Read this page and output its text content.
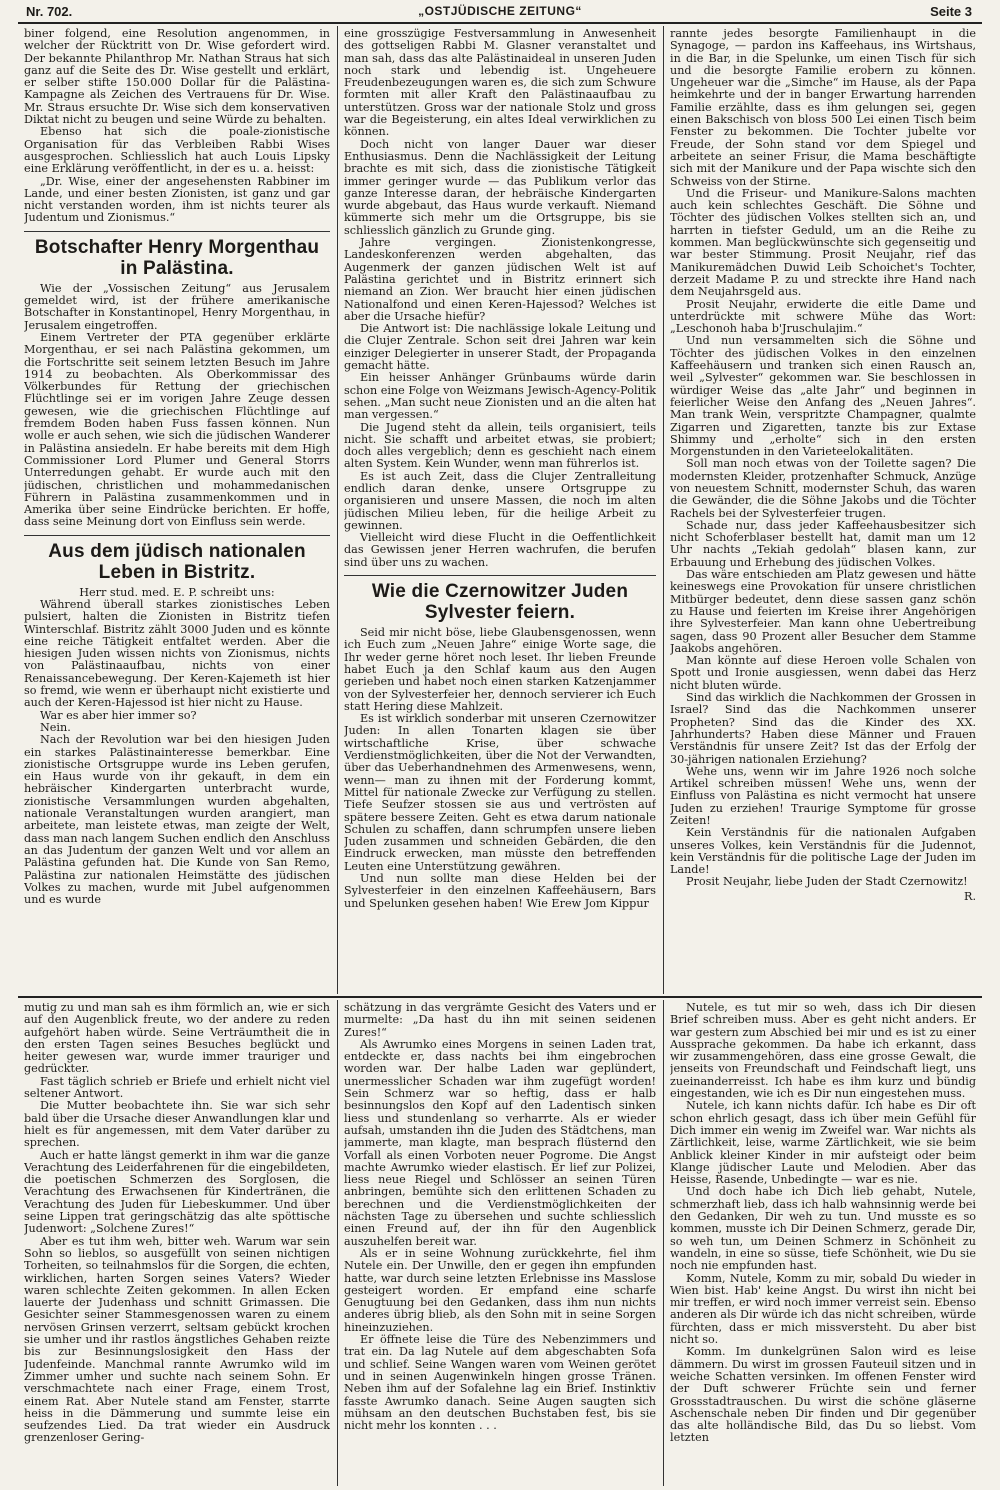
Nr. 702.	„OSTJÜDISCHE ZEITUNG“	Seite 3

biner folgend, eine Resolution angenommen, in welcher der Rücktritt von Dr. Wise gefordert wird. Der bekannte Philanthrop Mr. Nathan Straus hat sich ganz auf die Seite des Dr. Wise gestellt und erklärt, er selber stifte 150.000 Dollar für die Palästina-Kampagne als Zeichen des Vertrauens für Dr. Wise. Mr. Straus ersuchte Dr. Wise sich dem konservativen Diktat nicht zu beugen und seine Würde zu behalten.

Ebenso hat sich die poale-zionistische Organisation für das Verbleiben Rabbi Wises ausgesprochen. Schliesslich hat auch Louis Lipsky eine Erklärung veröffentlicht, in der es u. a. heisst:

„Dr. Wise, einer der angesehensten Rabbiner im Lande, und einer besten Zionisten, ist ganz und gar nicht verstanden worden, ihm ist nichts teurer als Judentum und Zionismus.“

Botschafter Henry Morgenthau
in Palästina.

Wie der „Vossischen Zeitung“ aus Jerusalem gemeldet wird, ist der frühere amerikanische Botschafter in Konstantinopel, Henry Morgenthau, in Jerusalem eingetroffen.

Einem Vertreter der PTA gegenüber erklärte Morgenthau, er sei nach Palästina gekommen, um die Fortschritte seit seinem letzten Besuch im Jahre 1914 zu beobachten. Als Oberkommissar des Völkerbundes für Rettung der griechischen Flüchtlinge sei er im vorigen Jahre Zeuge dessen gewesen, wie die griechischen Flüchtlinge auf fremdem Boden haben Fuss fassen können. Nun wolle er auch sehen, wie sich die jüdischen Wanderer in Palästina ansiedeln. Er habe bereits mit dem High Commissioner Lord Plumer und General Storrs Unterredungen gehabt. Er wurde auch mit den jüdischen, christlichen und mohammedanischen Führern in Palästina zusammenkommen und in Amerika über seine Eindrücke berichten. Er hoffe, dass seine Meinung dort von Einfluss sein werde.

Aus dem jüdisch nationalen
Leben in Bistritz.

Herr stud. med. E. P. schreibt uns:

Während überall starkes zionistisches Leben pulsiert, halten die Zionisten in Bistritz tiefen Winterschlaf. Bistritz zählt 3000 Juden und es könnte eine reiche Tätigkeit entfaltet werden. Aber die hiesigen Juden wissen nichts von Zionismus, nichts von Palästinaaufbau, nichts von einer Renaissancebewegung. Der Keren-Kajemeth ist hier so fremd, wie wenn er überhaupt nicht existierte und auch der Keren-Hajessod ist hier nicht zu Hause.

War es aber hier immer so?

Nein.

Nach der Revolution war bei den hiesigen Juden ein starkes Palästinainteresse bemerkbar. Eine zionistische Ortsgruppe wurde ins Leben gerufen, ein Haus wurde von ihr gekauft, in dem ein hebräischer Kindergarten unterbracht wurde, zionistische Versammlungen wurden abgehalten, nationale Veranstaltungen wurden arangiert, man arbeitete, man leistete etwas, man zeigte der Welt, dass man nach langem Suchen endlich den Anschluss an das Judentum der ganzen Welt und vor allem an Palästina gefunden hat. Die Kunde von San Remo, Palästina zur nationalen Heimstätte des jüdischen Volkes zu machen, wurde mit Jubel aufgenommen und es wurde

eine grosszügige Festversammlung in Anwesenheit des gottseligen Rabbi M. Glasner veranstaltet und man sah, dass das alte Palästinaideal in unseren Juden noch stark und lebendig ist. Ungeheuere Freudenbezeugungen waren es, die sich zum Schwure formten mit aller Kraft den Palästinaaufbau zu unterstützen. Gross war der nationale Stolz und gross war die Begeisterung, ein altes Ideal verwirklichen zu können.

Doch nicht von langer Dauer war dieser Enthusiasmus. Denn die Nachlässigkeit der Leitung brachte es mit sich, dass die zionistische Tätigkeit immer geringer wurde — das Publikum verlor das ganze Interesse daran, der hebräische Kindergarten wurde abgebaut, das Haus wurde verkauft. Niemand kümmerte sich mehr um die Ortsgruppe, bis sie schliesslich gänzlich zu Grunde ging.

Jahre vergingen. Zionistenkongresse, Landeskonferenzen werden abgehalten, das Augenmerk der ganzen jüdischen Welt ist auf Palästina gerichtet und in Bistritz erinnert sich niemand an Zion. Wer braucht hier einen jüdischen Nationalfond und einen Keren-Hajessod? Welches ist aber die Ursache hiefür?

Die Antwort ist: Die nachlässige lokale Leitung und die Clujer Zentrale. Schon seit drei Jahren war kein einziger Delegierter in unserer Stadt, der Propaganda gemacht hätte.

Ein heisser Anhänger Grünbaums würde darin schon eine Folge von Weizmans Jewisch-Agency-Politik sehen. „Man sucht neue Zionisten und an die alten hat man vergessen.“

Die Jugend steht da allein, teils organisiert, teils nicht. Sie schafft und arbeitet etwas, sie probiert; doch alles vergeblich; denn es geschieht nach einem alten System. Kein Wunder, wenn man führerlos ist.

Es ist auch Zeit, dass die Clujer Zentralleitung endlich daran denke, unsere Ortsgruppe zu organisieren und unsere Massen, die noch im alten jüdischen Milieu leben, für die heilige Arbeit zu gewinnen.

Vielleicht wird diese Flucht in die Oeffentlichkeit das Gewissen jener Herren wachrufen, die berufen sind über uns zu wachen.

Wie die Czernowitzer Juden
Sylvester feiern.

Seid mir nicht böse, liebe Glaubensgenossen, wenn ich Euch zum „Neuen Jahre“ einige Worte sage, die Ihr weder gerne höret noch leset. Ihr lieben Freunde habet Euch ja den Schlaf kaum aus den Augen gerieben und habet noch einen starken Katzenjammer von der Sylvesterfeier her, dennoch servierer ich Euch statt Hering diese Mahlzeit.

Es ist wirklich sonderbar mit unseren Czernowitzer Juden: In allen Tonarten klagen sie über wirtschaftliche Krise, über schwache Verdienstmöglichkeiten, über die Not der Verwandten, über das Ueberhandnehmen des Armenwesens, wenn, wenn— man zu ihnen mit der Forderung kommt, Mittel für nationale Zwecke zur Verfügung zu stellen. Tiefe Seufzer stossen sie aus und vertrösten auf spätere bessere Zeiten. Geht es etwa darum nationale Schulen zu schaffen, dann schrumpfen unsere lieben Juden zusammen und schneiden Gebärden, die den Eindruck erwecken, man müsste den betreffenden Leuten eine Unterstützung gewähren.

Und nun sollte man diese Helden bei der Sylvesterfeier in den einzelnen Kaffeehäusern, Bars und Spelunken gesehen haben! Wie Erew Jom Kippur

rannte jedes besorgte Familienhaupt in die Synagoge, — pardon ins Kaffeehaus, ins Wirtshaus, in die Bar, in die Spelunke, um einen Tisch für sich und die besorgte Familie erobern zu können. Ungeheuer war die „Simche“ im Hause, als der Papa heimkehrte und der in banger Erwartung harrenden Familie erzählte, dass es ihm gelungen sei, gegen einen Bakschisch von bloss 500 Lei einen Tisch beim Fenster zu bekommen. Die Tochter jubelte vor Freude, der Sohn stand vor dem Spiegel und arbeitete an seiner Frisur, die Mama beschäftigte sich mit der Manikure und der Papa wischte sich den Schweiss von der Stirne.

Und die Friseur- und Manikure-Salons machten auch kein schlechtes Geschäft. Die Söhne und Töchter des jüdischen Volkes stellten sich an, und harrten in tiefster Geduld, um an die Reihe zu kommen. Man beglückwünschte sich gegenseitig und war bester Stimmung. Prosit Neujahr, rief das Manikuremädchen Duwid Leib Schoichet's Tochter, derzeit Madame P. zu und streckte ihre Hand nach dem Neujahrsgeld aus.

Prosit Neujahr, erwiderte die eitle Dame und unterdrückte mit schwere Mühe das Wort: „Leschonoh haba b'Jruschulajim.“

Und nun versammelten sich die Söhne und Töchter des jüdischen Volkes in den einzelnen Kaffeehäusern und tranken sich einen Rausch an, weil „Sylvester“ gekommen war. Sie beschlossen in würdiger Weise das „alte Jahr“ und beginnen in feierlicher Weise den Anfang des „Neuen Jahres“. Man trank Wein, verspritzte Champagner, qualmte Zigarren und Zigaretten, tanzte bis zur Extase Shimmy und „erholte“ sich in den ersten Morgenstunden in den Varieteelokalitäten.

Soll man noch etwas von der Toilette sagen? Die modernsten Kleider, protzenhafter Schmuck, Anzüge von neuestem Schnitt, modernster Schuh, das waren die Gewänder, die die Söhne Jakobs und die Töchter Rachels bei der Sylvesterfeier trugen.

Schade nur, dass jeder Kaffeehausbesitzer sich nicht Schoferblaser bestellt hat, damit man um 12 Uhr nachts „Tekiah gedolah“ blasen kann, zur Erbauung und Erhebung des jüdischen Volkes.

Das wäre entschieden am Platz gewesen und hätte keineswegs eine Provokation für unsere christlichen Mitbürger bedeutet, denn diese sassen ganz schön zu Hause und feierten im Kreise ihrer Angehörigen ihre Sylvesterfeier. Man kann ohne Uebertreibung sagen, dass 90 Prozent aller Besucher dem Stamme Jaakobs angehören.

Man könnte auf diese Heroen volle Schalen von Spott und Ironie ausgiessen, wenn dabei das Herz nicht bluten würde.

Sind das wirklich die Nachkommen der Grossen in Israel? Sind das die Nachkommen unserer Propheten? Sind das die Kinder des XX. Jahrhunderts? Haben diese Männer und Frauen Verständnis für unsere Zeit? Ist das der Erfolg der 30-jährigen nationalen Erziehung?

Wehe uns, wenn wir im Jahre 1926 noch solche Artikel schreiben müssen! Wehe uns, wenn der Einfluss von Palästina es nicht vermocht hat unsere Juden zu erziehen! Traurige Symptome für grosse Zeiten!

Kein Verständnis für die nationalen Aufgaben unseres Volkes, kein Verständnis für die Judennot, kein Verständnis für die politische Lage der Juden im Lande!

Prosit Neujahr, liebe Juden der Stadt Czernowitz!

R.

mutig zu und man sah es ihm förmlich an, wie er sich auf den Augenblick freute, wo der andere zu reden aufgehört haben würde. Seine Verträumtheit die in den ersten Tagen seines Besuches beglückt und heiter gewesen war, wurde immer trauriger und gedrückter.

Fast täglich schrieb er Briefe und erhielt nicht viel seltener Antwort.

Die Mutter beobachtete ihn. Sie war sich sehr bald über die Ursache dieser Anwandlungen klar und hielt es für angemessen, mit dem Vater darüber zu sprechen.

Auch er hatte längst gemerkt in ihm war die ganze Verachtung des Leiderfahrenen für die eingebildeten, die poetischen Schmerzen des Sorglosen, die Verachtung des Erwachsenen für Kindertränen, die Verachtung des Juden für Liebeskummer. Und über seine Lippen trat geringschätzig das alte spöttische Judenwort: „Solchene Zures!“

Aber es tut ihm weh, bitter weh. Warum war sein Sohn so lieblos, so ausgefüllt von seinen nichtigen Torheiten, so teilnahmslos für die Sorgen, die echten, wirklichen, harten Sorgen seines Vaters? Wieder waren schlechte Zeiten gekommen. In allen Ecken lauerte der Judenhass und schnitt Grimassen. Die Gesichter seiner Stammesgenossen waren zu einem nervösen Grinsen verzerrt, seltsam gebückt krochen sie umher und ihr rastlos ängstliches Gehaben reizte bis zur Besinnungslosigkeit den Hass der Judenfeinde. Manchmal rannte Awrumko wild im Zimmer umher und suchte nach seinem Sohn. Er verschmachtete nach einer Frage, einem Trost, einem Rat. Aber Nutele stand am Fenster, starrte heiss in die Dämmerung und summte leise ein seufzendes Lied. Da trat wieder ein Ausdruck grenzenloser Gering-

schätzung in das vergrämte Gesicht des Vaters und er murmelte: „Da hast du ihn mit seinen seidenen Zures!“

Als Awrumko eines Morgens in seinen Laden trat, entdeckte er, dass nachts bei ihm eingebrochen worden war. Der halbe Laden war geplündert, unermesslicher Schaden war ihm zugefügt worden! Sein Schmerz war so heftig, dass er halb besinnungslos den Kopf auf den Ladentisch sinken liess und stundenlang so verharrte. Als er wieder aufsah, umstanden ihn die Juden des Städtchens, man jammerte, man klagte, man besprach flüsternd den Vorfall als einen Vorboten neuer Pogrome. Die Angst machte Awrumko wieder elastisch. Er lief zur Polizei, liess neue Riegel und Schlösser an seinen Türen anbringen, bemühte sich den erlittenen Schaden zu berechnen und die Verdienstmöglichkeiten der nächsten Tage zu übersehen und suchte schliesslich einen Freund auf, der ihn für den Augenblick auszuhelfen bereit war.

Als er in seine Wohnung zurückkehrte, fiel ihm Nutele ein. Der Unwille, den er gegen ihn empfunden hatte, war durch seine letzten Erlebnisse ins Masslose gesteigert worden. Er empfand eine scharfe Genugtuung bei den Gedanken, dass ihm nun nichts anderes übrig blieb, als den Sohn mit in seine Sorgen hineinzuziehen.

Er öffnete leise die Türe des Nebenzimmers und trat ein. Da lag Nutele auf dem abgeschabten Sofa und schlief. Seine Wangen waren vom Weinen gerötet und in seinen Augenwinkeln hingen grosse Tränen. Neben ihm auf der Sofalehne lag ein Brief. Instinktiv fasste Awrumko danach. Seine Augen saugten sich mühsam an den deutschen Buchstaben fest, bis sie nicht mehr los konnten . . .

Nutele, es tut mir so weh, dass ich Dir diesen Brief schreiben muss. Aber es geht nicht anders. Er war gestern zum Abschied bei mir und es ist zu einer Aussprache gekommen. Da habe ich erkannt, dass wir zusammengehören, dass eine grosse Gewalt, die jenseits von Freundschaft und Feindschaft liegt, uns zueinanderreisst. Ich habe es ihm kurz und bündig eingestanden, wie ich es Dir nun eingestehen muss.

Nutele, ich kann nichts dafür. Ich habe es Dir oft schon ehrlich gesagt, dass ich über mein Gefühl für Dich immer ein wenig im Zweifel war. War nichts als Zärtlichkeit, leise, warme Zärtlichkeit, wie sie beim Anblick kleiner Kinder in mir aufsteigt oder beim Klange jüdischer Laute und Melodien. Aber das Heisse, Rasende, Unbedingte — war es nie.

Und doch habe ich Dich lieb gehabt, Nutele, schmerzhaft lieb, dass ich halb wahnsinnig werde bei den Gedanken, Dir weh zu tun. Und musste es so kommen, musste ich Dir Deinen Schmerz, gerade Dir, so weh tun, um Deinen Schmerz in Schönheit zu wandeln, in eine so süsse, tiefe Schönheit, wie Du sie noch nie empfunden hast.

Komm, Nutele, Komm zu mir, sobald Du wieder in Wien bist. Hab' keine Angst. Du wirst ihn nicht bei mir treffen, er wird noch immer verreist sein. Ebenso anderen als Dir würde ich das nicht schreiben, würde fürchten, dass er mich missversteht. Du aber bist nicht so.

Komm. Im dunkelgrünen Salon wird es leise dämmern. Du wirst im grossen Fauteuil sitzen und in weiche Schatten versinken. Im offenen Fenster wird der Duft schwerer Früchte sein und ferner Grossstadtrauschen. Du wirst die schöne gläserne Aschenschale neben Dir finden und Dir gegenüber das alte holländische Bild, das Du so liebst. Vom letzten
